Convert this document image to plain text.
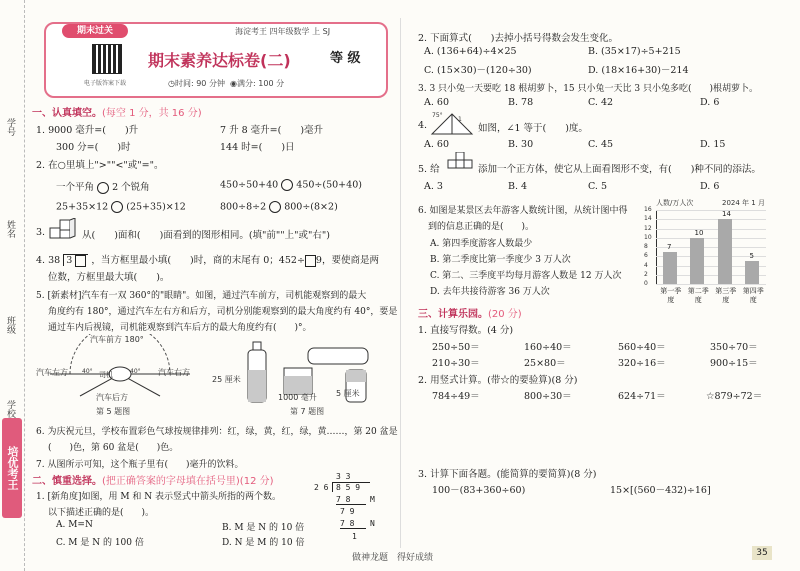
学号
姓名
班级
学校
培优考王
期末过关
电子版答案下载
海淀考王 四年级数学 上 SJ
期末素养达标卷(二)	等 级
◷时间: 90 分钟 ◉满分: 100 分
一、认真填空。(每空 1 分，共 16 分)
1. 9000 毫升=(　　)升	7 升 8 毫升=(　　)毫升
300 分=(　　)时	144 时=(　　)日
2. 在○里填上">""<"或"="。
一个平角 2 个锐角	450÷50+40 450÷(50+40)
25+35×12 (25+35)×12	800÷8÷2 800÷(8×2)
3.	从(　　)面和(　　)面看到的图形相同。(填"前""上"或"右")
4. 38 3 ，当方框里最小填(　　)时，商的末尾有 0；452÷ 9，要使商是两
位数，方框里最大填(　　)。
5. [新素材]汽车有一双 360°的"眼睛"。如图，通过汽车前方，司机能观察到的最大
角度约有 180°，通过汽车左右方和后方，司机分别能观察到的最大角度约有 40°，要是
通过车内后视镜，司机能观察到汽车后方的最大角度约有(　　)°。
汽车前方 180°
汽车左方	汽车右方
司机
40°	40°
汽车后方
第 5 题图
25 厘米
1000 毫升 5 厘米
第 7 题图
6. 为庆祝元旦，学校布置彩色气球按规律排列：红，绿，黄，红，绿，黄……，第 20 盆是
(　　)色，第 60 盆是(　　)色。
7. 从图所示可知，这个瓶子里有(　　)毫升的饮料。
二、慎重选择。(把正确答案的字母填在括号里)(12 分)
1. [新角度]如图，用 M 和 N 表示竖式中箭头所指的两个数。
以下描述正确的是(　　)。
A. M=N	B. M 是 N 的 10 倍
C. M 是 N 的 100 倍	D. N 是 M 的 10 倍
3 3
2 6 8 5 9
7 8	M
7 9
7 8	N
1
2. 下面算式(　　)去掉小括号得数会发生变化。
A. (136+64)÷4×25	B. (35×17)÷5+215
C. (15×30)－(120÷30)	D. (18×16+30)－214
3. 3 只小兔一天要吃 18 根胡萝卜，15 只小兔一天比 3 只小兔多吃(　　)根胡萝卜。
A. 60	B. 78	C. 42	D. 6
4.
75°
1
如图，∠1 等于(　　)度。
A. 60	B. 30	C. 45	D. 15
5. 给	添加一个正方体，使它从上面看图形不变，有(　　)种不同的添法。
A. 3	B. 4	C. 5	D. 6
6. 如图是某景区去年游客人数统计图，从统计图中得
到的信息正确的是(　　)。
A. 第四季度游客人数最少
B. 第二季度比第一季度少 3 万人次
C. 第二、三季度平均每月游客人数是 12 万人次
D. 去年共接待游客 36 万人次
人数/万人次	2024 年 1 月
0
2
4
6
8
10
12
14
16
7
第一季度
10
第二季度
14
第三季度
5
第四季度
三、计算乐园。(20 分)
1. 直接写得数。(4 分)
250÷50＝	160÷40＝	560÷40＝	350÷70＝
210÷30＝	25×80＝	320÷16＝	900÷15＝
2. 用竖式计算。(带☆的要验算)(8 分)
784÷49＝	800÷30＝	624÷71＝	☆879÷72＝
3. 计算下面各题。(能简算的要简算)(8 分)
100－(83+360÷60)	15×[(560－432)÷16]
做神龙题　得好成绩	35
